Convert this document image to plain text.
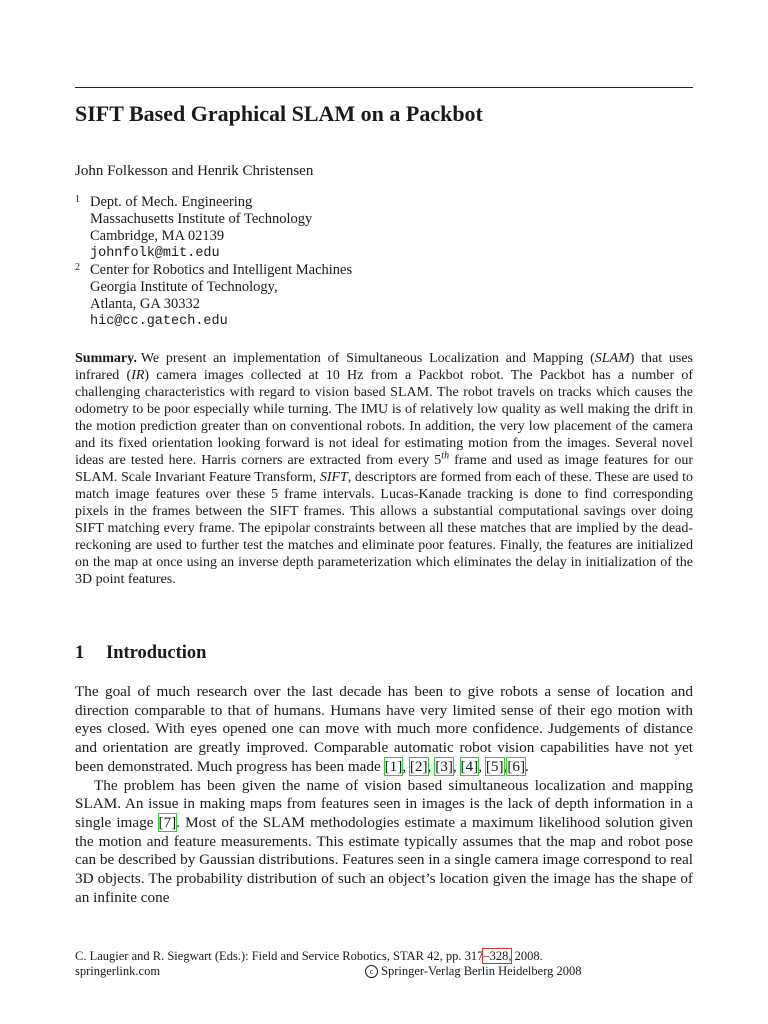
SIFT Based Graphical SLAM on a Packbot
John Folkesson and Henrik Christensen
1 Dept. of Mech. Engineering
Massachusetts Institute of Technology
Cambridge, MA 02139
johnfolk@mit.edu
2 Center for Robotics and Intelligent Machines
Georgia Institute of Technology,
Atlanta, GA 30332
hic@cc.gatech.edu
Summary. We present an implementation of Simultaneous Localization and Mapping (SLAM) that uses infrared (IR) camera images collected at 10 Hz from a Packbot robot. The Packbot has a number of challenging characteristics with regard to vision based SLAM. The robot travels on tracks which causes the odometry to be poor especially while turning. The IMU is of relatively low quality as well making the drift in the motion prediction greater than on conventional robots. In addition, the very low placement of the camera and its fixed orientation looking forward is not ideal for estimating motion from the images. Several novel ideas are tested here. Harris corners are extracted from every 5th frame and used as image features for our SLAM. Scale Invariant Feature Transform, SIFT, descriptors are formed from each of these. These are used to match image features over these 5 frame intervals. Lucas-Kanade tracking is done to find corresponding pixels in the frames between the SIFT frames. This allows a substantial computational savings over doing SIFT matching every frame. The epipolar constraints between all these matches that are implied by the dead-reckoning are used to further test the matches and eliminate poor features. Finally, the features are initialized on the map at once using an inverse depth parameterization which eliminates the delay in initialization of the 3D point features.
1 Introduction

The goal of much research over the last decade has been to give robots a sense of location and direction comparable to that of humans. Humans have very limited sense of their ego motion with eyes closed. With eyes opened one can move with much more confidence. Judgements of distance and orientation are greatly improved. Comparable automatic robot vision capabilities have not yet been demonstrated. Much progress has been made [1], [2], [3], [4], [5],[6].

The problem has been given the name of vision based simultaneous localization and mapping SLAM. An issue in making maps from features seen in images is the lack of depth information in a single image [7]. Most of the SLAM methodologies estimate a maximum likelihood solution given the motion and feature measurements. This estimate typically assumes that the map and robot pose can be described by Gaussian distributions. Features seen in a single camera image correspond to real 3D objects. The probability distribution of such an object’s location given the image has the shape of an infinite cone

C. Laugier and R. Siegwart (Eds.): Field and Service Robotics, STAR 42, pp. 317–328, 2008.
springerlink.com	c Springer-Verlag Berlin Heidelberg 2008
